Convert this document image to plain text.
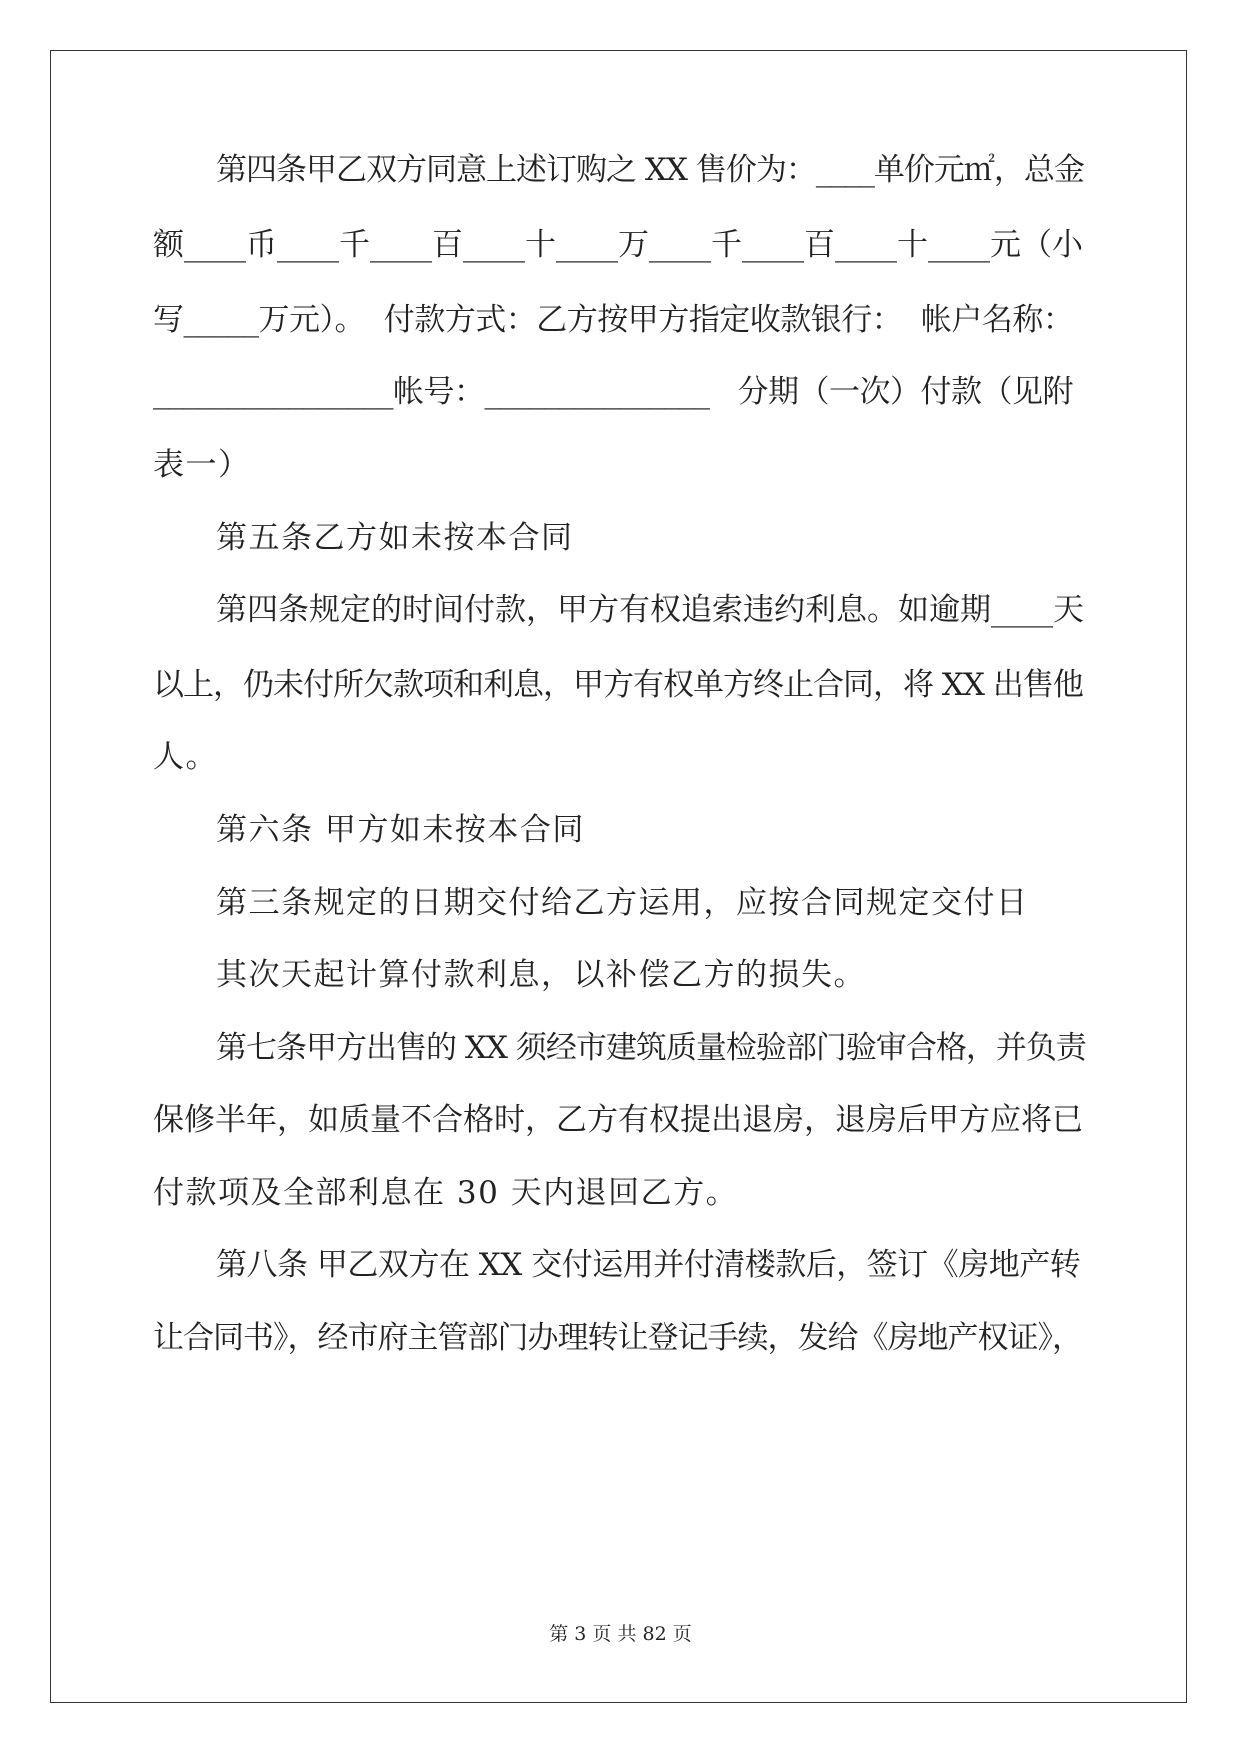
第四条甲乙双方同意上述订购之 XX 售价为：____单价元㎡，总金
额____币____千____百____十____万____千____百____十____元（小
写_____万元）。  付款方式：乙方按甲方指定收款银行：  帐户名称：
________________帐号：_______________   分期（一次）付款（见附
表一）
第五条乙方如未按本合同
第四条规定的时间付款，甲方有权追索违约利息。如逾期____天
以上，仍未付所欠款项和利息，甲方有权单方终止合同，将 XX 出售他
人。
第六条 甲方如未按本合同
第三条规定的日期交付给乙方运用，应按合同规定交付日
其次天起计算付款利息，以补偿乙方的损失。
第七条甲方出售的 XX 须经市建筑质量检验部门验审合格，并负责
保修半年，如质量不合格时，乙方有权提出退房，退房后甲方应将已
付款项及全部利息在 30 天内退回乙方。
第八条 甲乙双方在 XX 交付运用并付清楼款后，签订《房地产转
让合同书》，经市府主管部门办理转让登记手续，发给《房地产权证》，
第 3 页 共 82 页
